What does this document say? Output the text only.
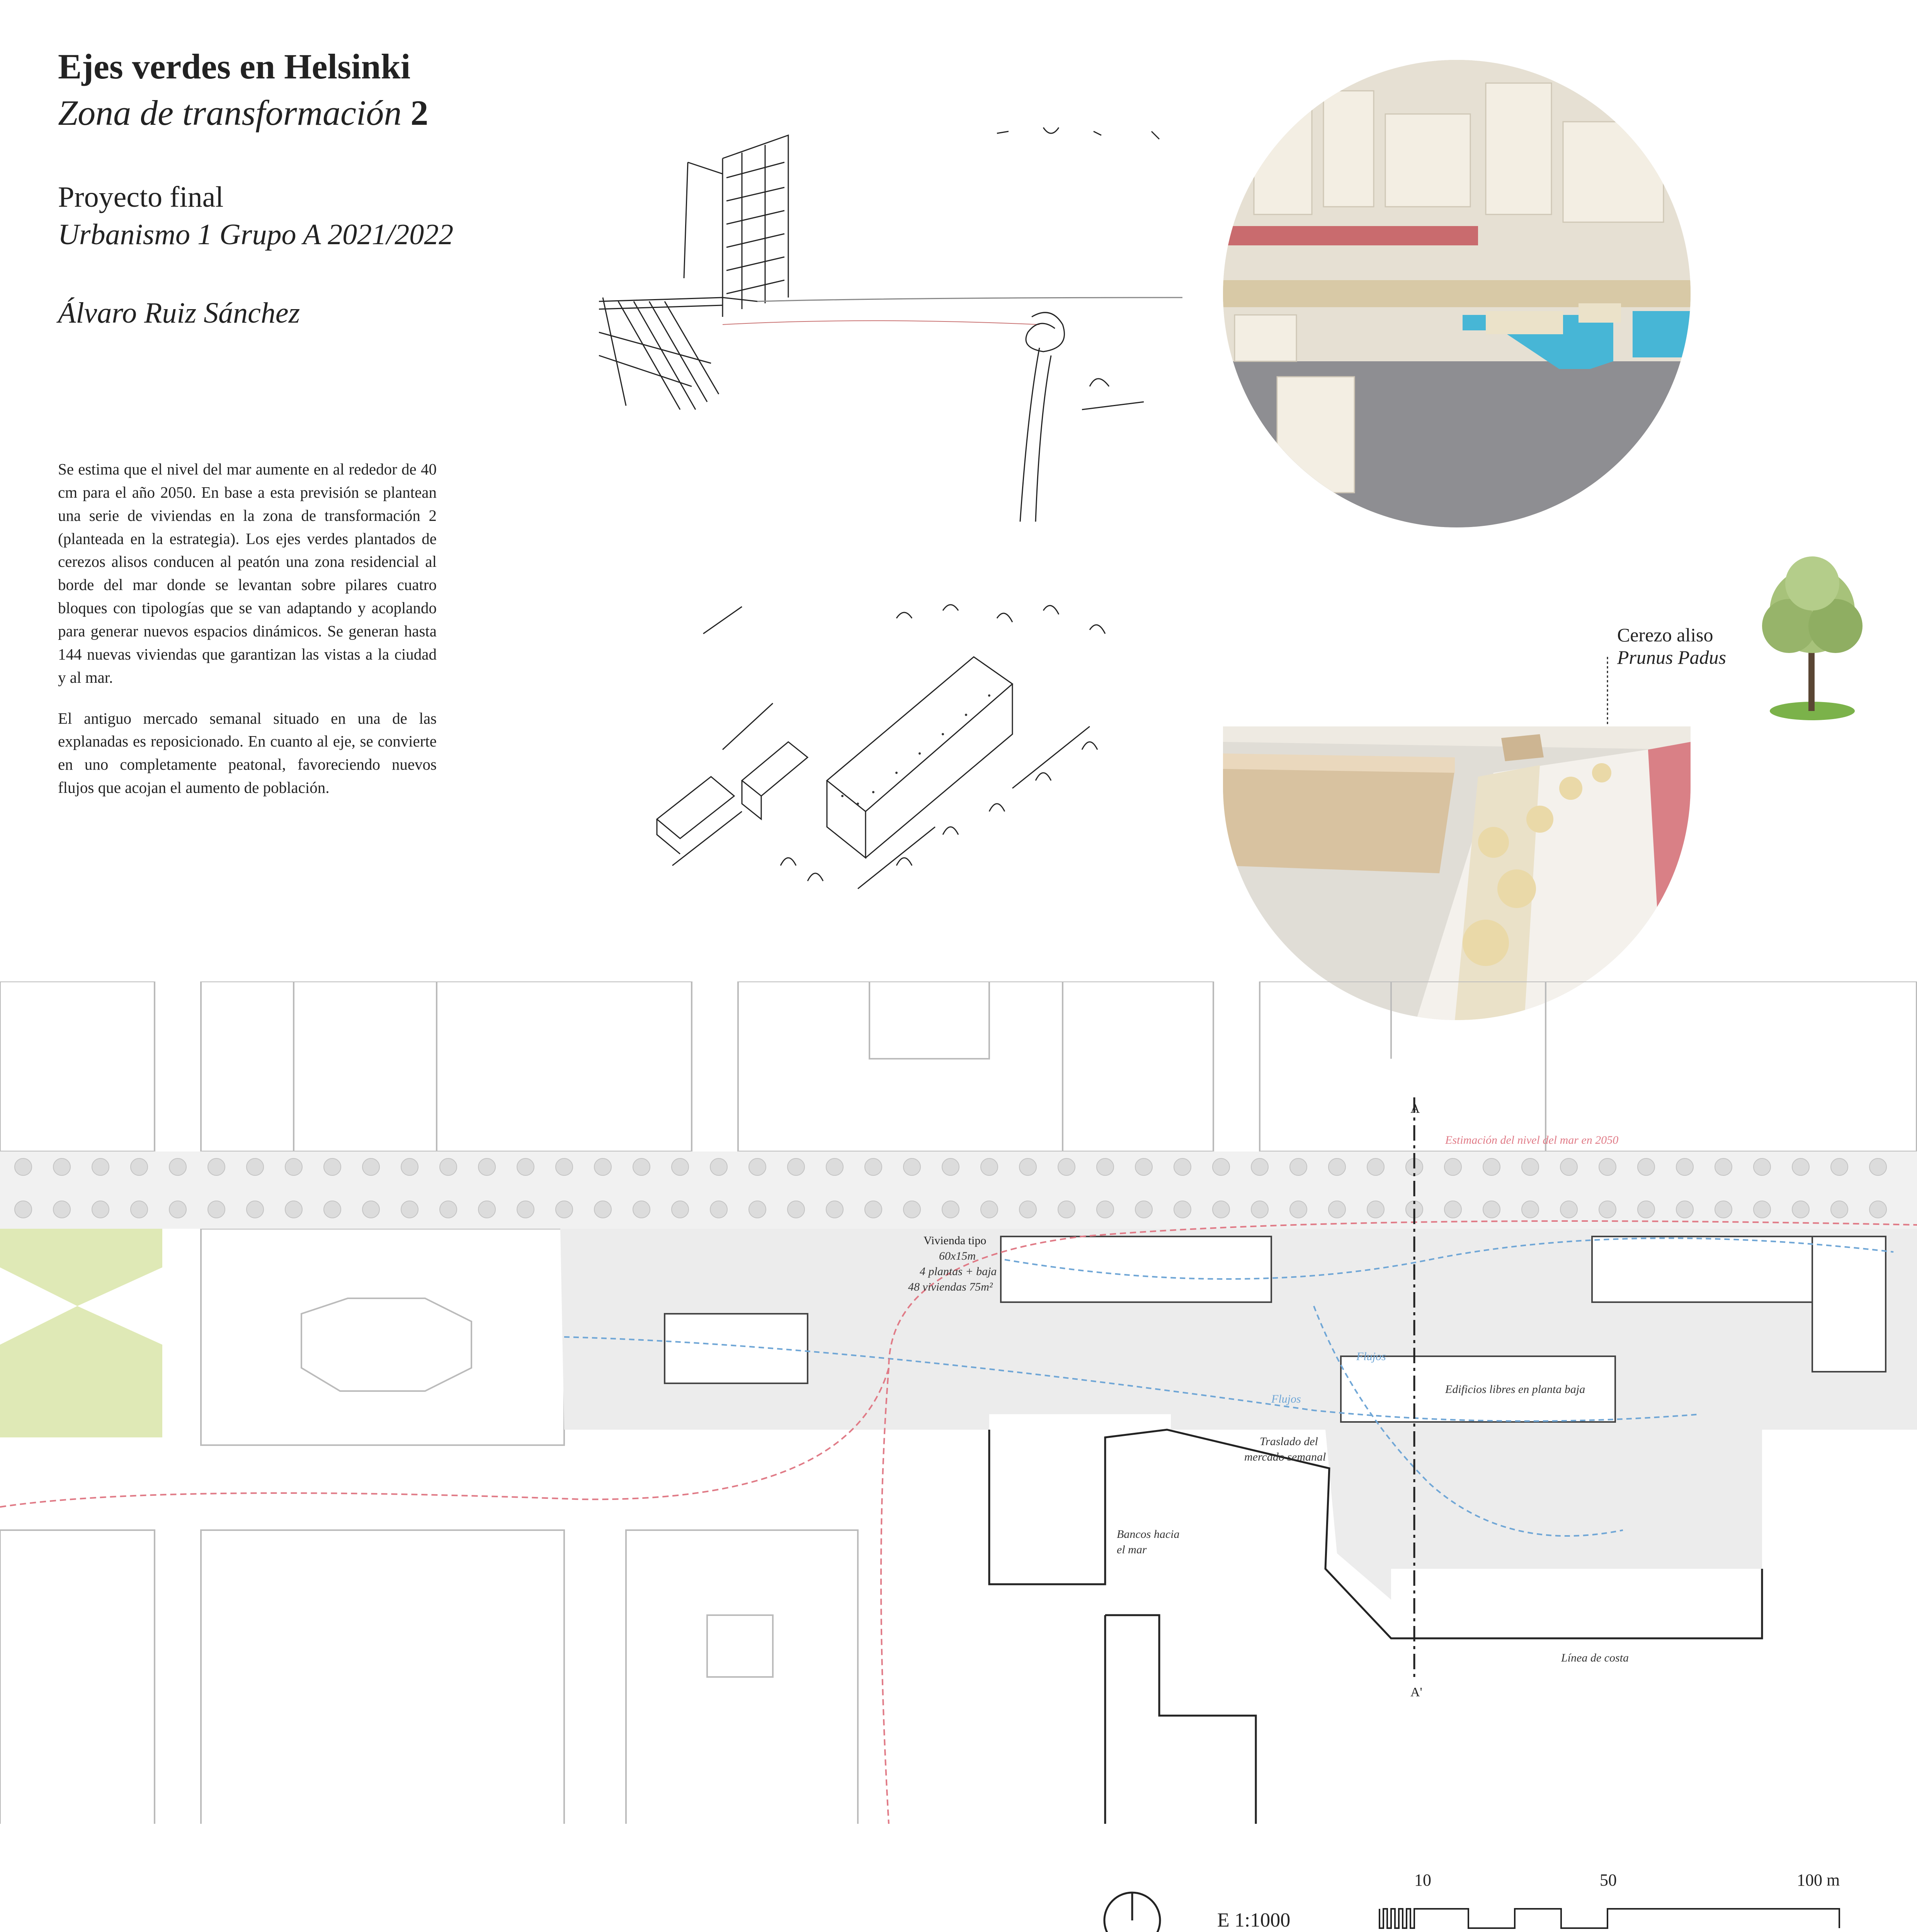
Ejes verdes en Helsinki
Zona de transformación 2
Proyecto final
Urbanismo 1 Grupo A 2021/2022
Álvaro Ruiz Sánchez

Se estima que el nivel del mar aumente en al rededor de 40 cm para el año 2050. En base a esta previsión se plantean una serie de viviendas en la zona de transformación 2 (planteada en la estrategia). Los ejes verdes plantados de cerezos alisos conducen al peatón una zona residencial al borde del mar donde se levantan sobre pilares cuatro bloques con tipologías que se van adaptando y acoplando para generar nuevos espacios dinámicos. Se generan hasta 144 nuevas viviendas que garantizan las vistas a la ciudad y al mar.

El antiguo mercado semanal situado en una de las explanadas es reposicionado. En cuanto al eje, se convierte en uno completamente peatonal, favoreciendo nuevos flujos que acojan el aumento de población.

Cerezo aliso
Prunus Padus
A
A'
Estimación del nivel del mar en 2050
Vivienda tipo
60x15m
4 plantas + baja
48 viviendas 75m²
Flujos
Flujos
Edificios libres en planta baja
Traslado del
mercado semanal
Bancos hacia
el mar
Línea de costa
E 1:1000
10	50	100 m
